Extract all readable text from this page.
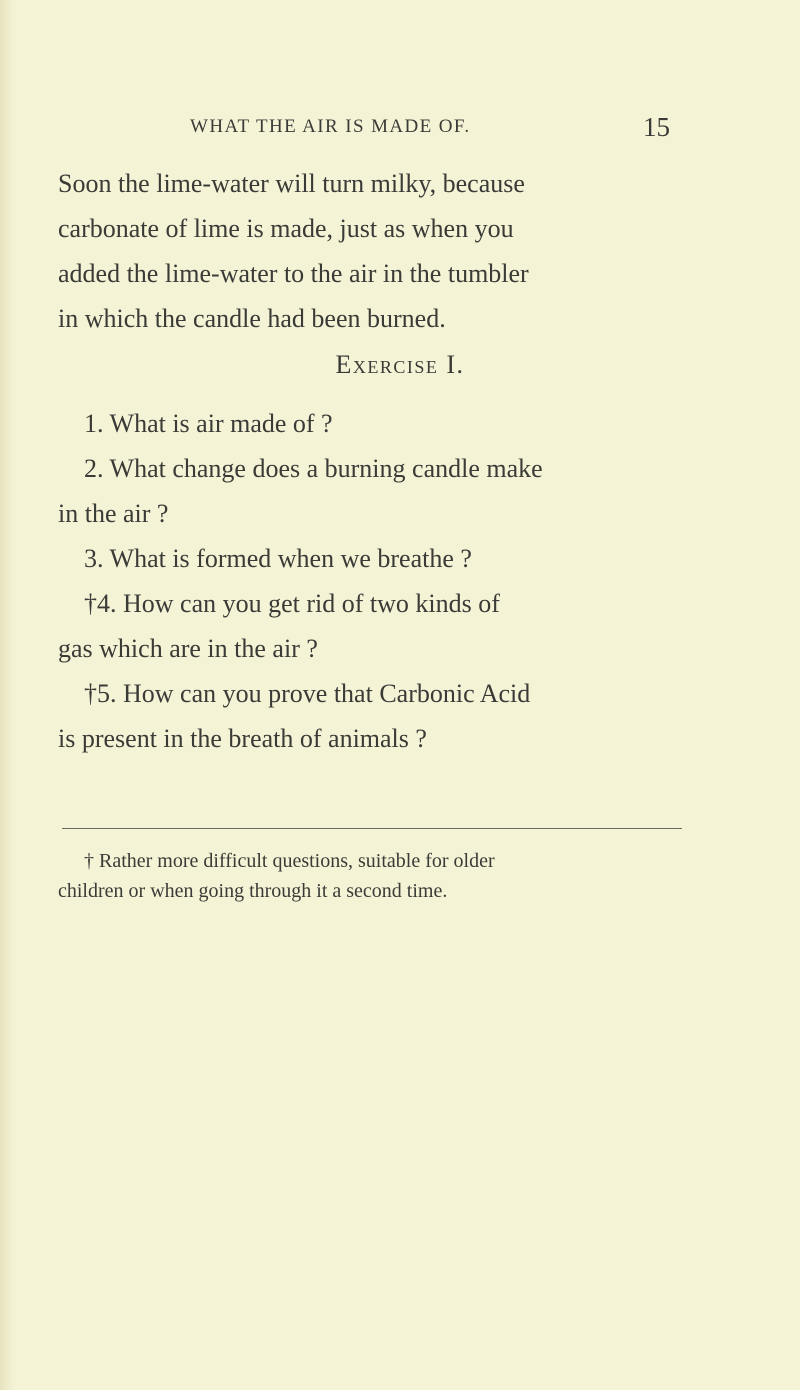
WHAT THE AIR IS MADE OF.	15
Soon the lime-water will turn milky, because
carbonate of lime is made, just as when you
added the lime-water to the air in the tumbler
in which the candle had been burned.
Exercise I.
1. What is air made of ?
2. What change does a burning candle make
in the air ?
3. What is formed when we breathe ?
†4. How can you get rid of two kinds of
gas which are in the air ?
†5. How can you prove that Carbonic Acid
is present in the breath of animals ?
† Rather more difficult questions, suitable for older
children or when going through it a second time.
